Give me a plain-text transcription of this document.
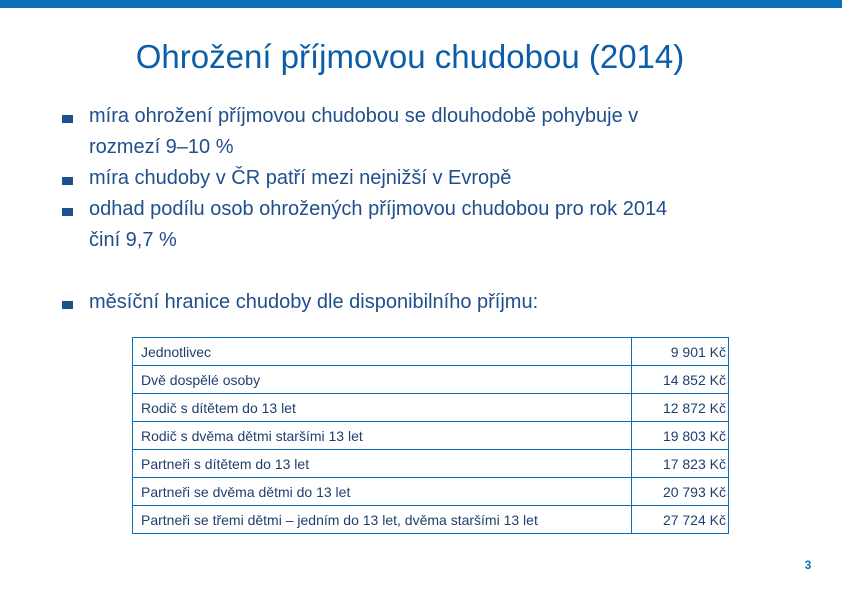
Ohrožení příjmovou chudobou (2014)
míra ohrožení příjmovou chudobou se dlouhodobě pohybuje v rozmezí 9–10 %
míra chudoby v ČR patří mezi nejnižší v Evropě
odhad podílu osob ohrožených příjmovou chudobou pro rok 2014 činí 9,7 %
měsíční hranice chudoby dle disponibilního příjmu:
Jednotlivec	9 901 Kč
Dvě dospělé osoby	14 852 Kč
Rodič s dítětem do 13 let	12 872 Kč
Rodič s dvěma dětmi staršími 13 let	19 803 Kč
Partneři s dítětem do 13 let	17 823 Kč
Partneři se dvěma dětmi do 13 let	20 793 Kč
Partneři se třemi dětmi – jedním do 13 let, dvěma staršími 13 let	27 724 Kč
3
